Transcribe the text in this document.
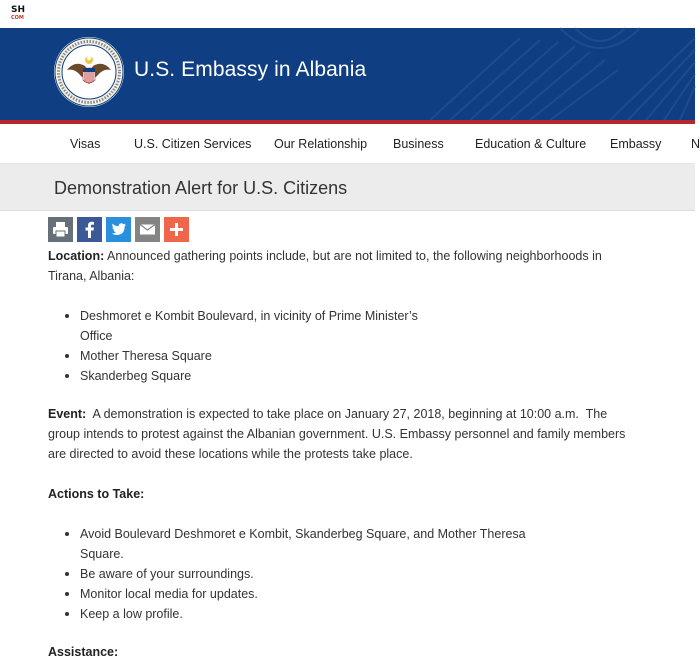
SH
COM
U.S. Embassy in Albania
Visas	U.S. Citizen Services Our Relationship Business	Education & Culture Embassy N
Demonstration Alert for U.S. Citizens

Location: Announced gathering points include, but are not limited to, the following neighborhoods in
Tirana, Albania:

Deshmoret e Kombit Boulevard, in vicinity of Prime Minister’s
Office
Mother Theresa Square
Skanderbeg Square

Event:  A demonstration is expected to take place on January 27, 2018, beginning at 10:00 a.m.  The
group intends to protest against the Albanian government. U.S. Embassy personnel and family members
are directed to avoid these locations while the protests take place.

Actions to Take:

Avoid Boulevard Deshmoret e Kombit, Skanderbeg Square, and Mother Theresa
Square.
Be aware of your surroundings.
Monitor local media for updates.
Keep a low profile.

Assistance:
